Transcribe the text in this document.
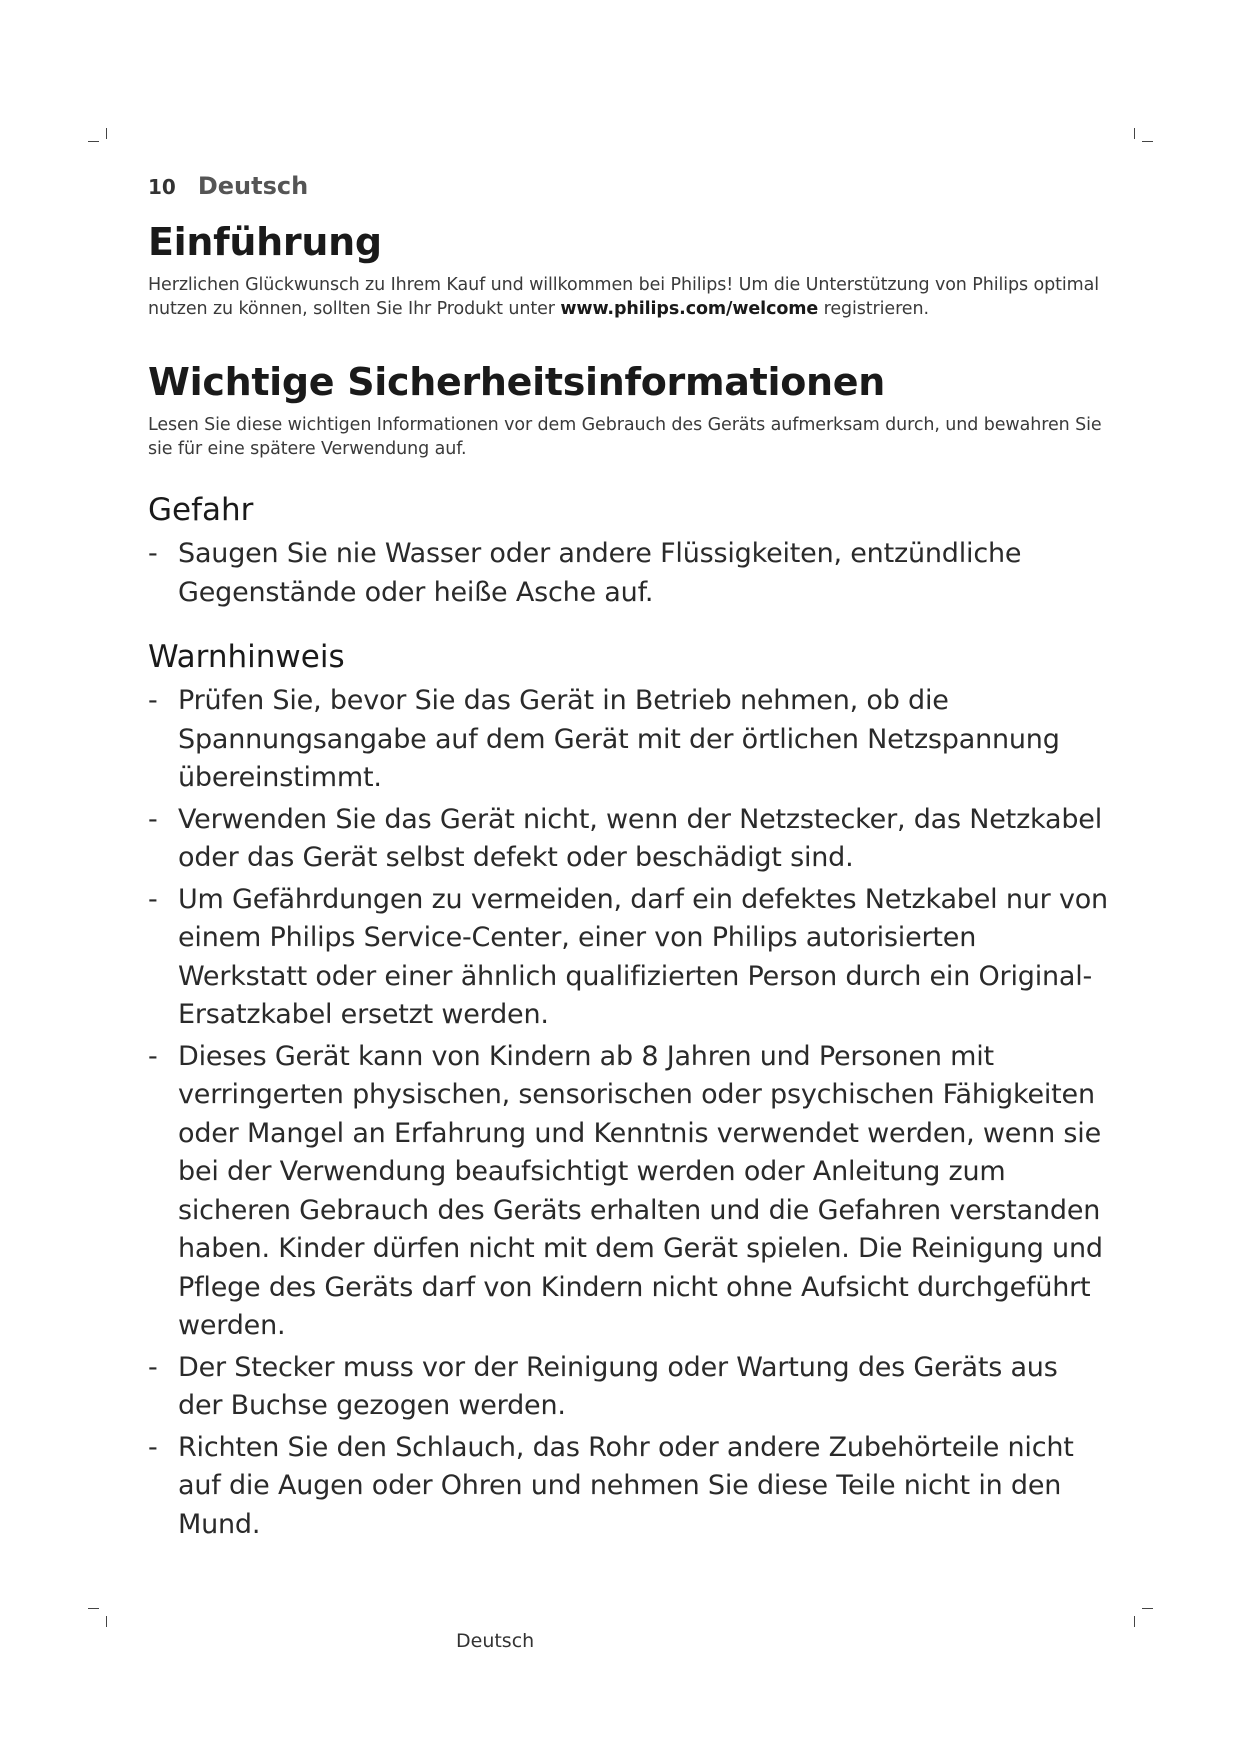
10 Deutsch
Einführung
Herzlichen Glückwunsch zu Ihrem Kauf und willkommen bei Philips! Um die Unterstützung von Philips optimal nutzen zu können, sollten Sie Ihr Produkt unter www.philips.com/welcome registrieren.
Wichtige Sicherheitsinformationen
Lesen Sie diese wichtigen Informationen vor dem Gebrauch des Geräts aufmerksam durch, und bewahren Sie sie für eine spätere Verwendung auf.
Gefahr
- Saugen Sie nie Wasser oder andere Flüssigkeiten, entzündliche Gegenstände oder heiße Asche auf.
Warnhinweis
- Prüfen Sie, bevor Sie das Gerät in Betrieb nehmen, ob die Spannungsangabe auf dem Gerät mit der örtlichen Netzspannung übereinstimmt.
- Verwenden Sie das Gerät nicht, wenn der Netzstecker, das Netzkabel oder das Gerät selbst defekt oder beschädigt sind.
- Um Gefährdungen zu vermeiden, darf ein defektes Netzkabel nur von einem Philips Service-Center, einer von Philips autorisierten Werkstatt oder einer ähnlich qualifizierten Person durch ein Original-Ersatzkabel ersetzt werden.
- Dieses Gerät kann von Kindern ab 8 Jahren und Personen mit verringerten physischen, sensorischen oder psychischen Fähigkeiten oder Mangel an Erfahrung und Kenntnis verwendet werden, wenn sie bei der Verwendung beaufsichtigt werden oder Anleitung zum sicheren Gebrauch des Geräts erhalten und die Gefahren verstanden haben. Kinder dürfen nicht mit dem Gerät spielen. Die Reinigung und Pflege des Geräts darf von Kindern nicht ohne Aufsicht durchgeführt werden.
- Der Stecker muss vor der Reinigung oder Wartung des Geräts aus der Buchse gezogen werden.
- Richten Sie den Schlauch, das Rohr oder andere Zubehörteile nicht auf die Augen oder Ohren und nehmen Sie diese Teile nicht in den Mund.
Deutsch
